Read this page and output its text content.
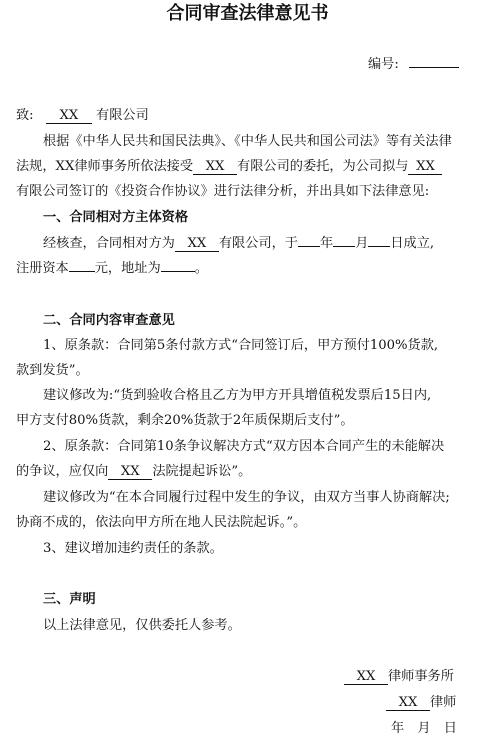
合同审查法律意见书
编号:
致: XX 有限公司
根据《中华人民共和国民法典》、《中华人民共和国公司法》等有关法律
法规，XX律师事务所依法接受 XX 有限公司的委托，为公司拟与 XX
有限公司签订的《投资合作协议》进行法律分析，并出具如下法律意见:
一、合同相对方主体资格
经核查，合同相对方为 XX 有限公司，于 年 月 日成立,
注册资本 元，地址为	。
二、合同内容审查意见
1、原条款：合同第5条付款方式“合同签订后，甲方预付100%货款,
款到发货”。
建议修改为:“货到验收合格且乙方为甲方开具增值税发票后15日内,
甲方支付80%货款，剩余20%货款于2年质保期后支付”。
2、原条款：合同第10条争议解决方式“双方因本合同产生的未能解决
的争议，应仅向 XX 法院提起诉讼”。
建议修改为“在本合同履行过程中发生的争议，由双方当事人协商解决;
协商不成的，依法向甲方所在地人民法院起诉。”。
3、建议增加违约责任的条款。
三、声明
以上法律意见，仅供委托人参考。
XX 律师事务所
XX 律师
年　月　日
